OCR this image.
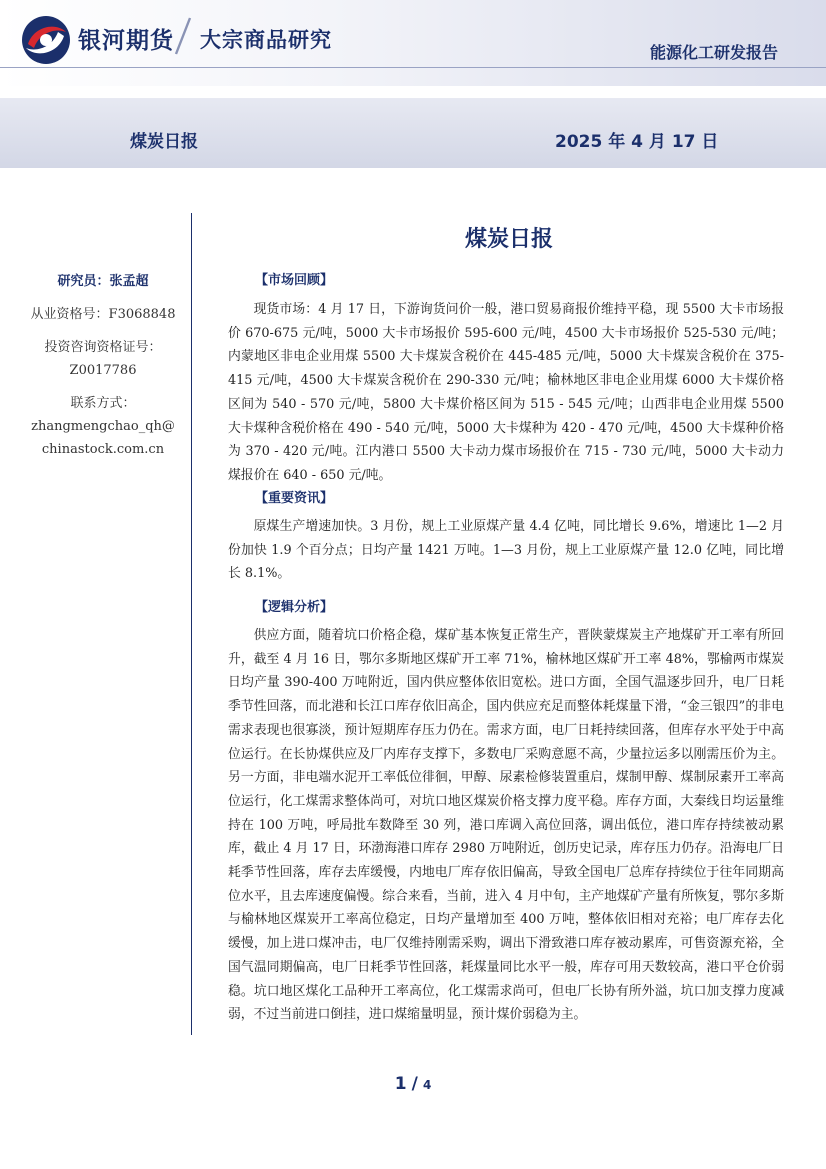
银河期货 大宗商品研究
能源化工研发报告
煤炭日报	2025 年 4 月 17 日
研究员：张孟超
从业资格号：F3068848
投资咨询资格证号：
Z0017786
联系方式：
zhangmengchao_qh@
chinastock.com.cn
煤炭日报
【市场回顾】

现货市场：4 月 17 日，下游询货问价一般，港口贸易商报价维持平稳，现 5500 大卡市场报价 670-675 元/吨，5000 大卡市场报价 595-600 元/吨，4500 大卡市场报价 525-530 元/吨；内蒙地区非电企业用煤 5500 大卡煤炭含税价在 445-485 元/吨，5000 大卡煤炭含税价在 375-415 元/吨，4500 大卡煤炭含税价在 290-330 元/吨；榆林地区非电企业用煤 6000 大卡煤价格区间为 540 - 570 元/吨，5800 大卡煤价格区间为 515 - 545 元/吨；山西非电企业用煤 5500 大卡煤种含税价格在 490 - 540 元/吨，5000 大卡煤种为 420 - 470 元/吨，4500 大卡煤种价格为 370 - 420 元/吨。江内港口 5500 大卡动力煤市场报价在 715 - 730 元/吨，5000 大卡动力煤报价在 640 - 650 元/吨。

【重要资讯】

原煤生产增速加快。3 月份，规上工业原煤产量 4.4 亿吨，同比增长 9.6%，增速比 1—2 月份加快 1.9 个百分点；日均产量 1421 万吨。1—3 月份，规上工业原煤产量 12.0 亿吨，同比增长 8.1%。

【逻辑分析】

供应方面，随着坑口价格企稳，煤矿基本恢复正常生产，晋陕蒙煤炭主产地煤矿开工率有所回升，截至 4 月 16 日，鄂尔多斯地区煤矿开工率 71%，榆林地区煤矿开工率 48%，鄂榆两市煤炭日均产量 390-400 万吨附近，国内供应整体依旧宽松。进口方面，全国气温逐步回升，电厂日耗季节性回落，而北港和长江口库存依旧高企，国内供应充足而整体耗煤量下滑，“金三银四”的非电需求表现也很寡淡，预计短期库存压力仍在。需求方面，电厂日耗持续回落，但库存水平处于中高位运行。在长协煤供应及厂内库存支撑下，多数电厂采购意愿不高，少量拉运多以刚需压价为主。另一方面，非电端水泥开工率低位徘徊，甲醇、尿素检修装置重启，煤制甲醇、煤制尿素开工率高位运行，化工煤需求整体尚可，对坑口地区煤炭价格支撑力度平稳。库存方面，大秦线日均运量维持在 100 万吨，呼局批车数降至 30 列，港口库调入高位回落，调出低位，港口库存持续被动累库，截止 4 月 17 日，环渤海港口库存 2980 万吨附近，创历史记录，库存压力仍存。沿海电厂日耗季节性回落，库存去库缓慢，内地电厂库存依旧偏高，导致全国电厂总库存持续位于往年同期高位水平，且去库速度偏慢。综合来看，当前，进入 4 月中旬，主产地煤矿产量有所恢复，鄂尔多斯与榆林地区煤炭开工率高位稳定，日均产量增加至 400 万吨，整体依旧相对充裕；电厂库存去化缓慢，加上进口煤冲击，电厂仅维持刚需采购，调出下滑致港口库存被动累库，可售资源充裕，全国气温同期偏高，电厂日耗季节性回落，耗煤量同比水平一般，库存可用天数较高，港口平仓价弱稳。坑口地区煤化工品种开工率高位，化工煤需求尚可，但电厂长协有所外溢，坑口加支撑力度减弱，不过当前进口倒挂，进口煤缩量明显，预计煤价弱稳为主。

1 / 4
